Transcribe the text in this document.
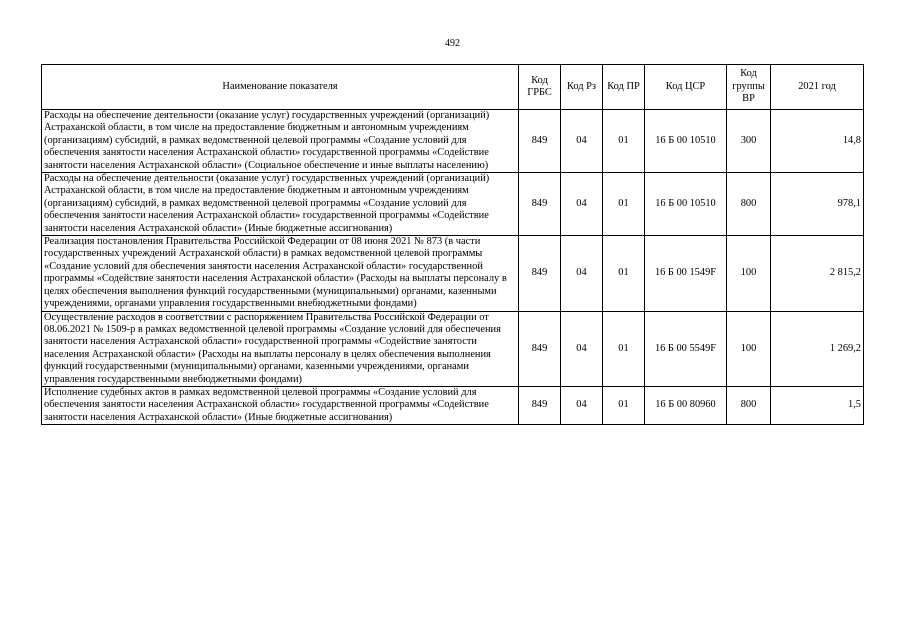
492
Наименование показателя	Код ГРБС	Код Рз	Код ПР	Код ЦСР	Код группы ВР	2021 год
Расходы на обеспечение деятельности (оказание услуг) государственных учреждений (организаций) Астраханской области, в том числе на предоставление бюджетным и автономным учреждениям (организациям) субсидий, в рамках ведомственной целевой программы «Создание условий для обеспечения занятости населения Астраханской области» государственной программы «Содействие занятости населения Астраханской области» (Социальное обеспечение и иные выплаты населению)	849	04	01	16 Б 00 10510	300	14,8
Расходы на обеспечение деятельности (оказание услуг) государственных учреждений (организаций) Астраханской области, в том числе на предоставление бюджетным и автономным учреждениям (организациям) субсидий, в рамках ведомственной целевой программы «Создание условий для обеспечения занятости населения Астраханской области» государственной программы «Содействие занятости населения Астраханской области» (Иные бюджетные ассигнования)	849	04	01	16 Б 00 10510	800	978,1
Реализация постановления Правительства Российской Федерации от 08 июня 2021 № 873 (в части государственных учреждений Астраханской области) в рамках ведомственной целевой программы «Создание условий для обеспечения занятости населения Астраханской области» государственной программы «Содействие занятости населения Астраханской области» (Расходы на выплаты персоналу в целях обеспечения выполнения функций государственными (муниципальными) органами, казенными учреждениями, органами управления государственными внебюджетными фондами)	849	04	01	16 Б 00 1549F	100	2 815,2
Осуществление расходов в соответствии с распоряжением Правительства Российской Федерации от 08.06.2021 № 1509-р в рамках ведомственной целевой программы «Создание условий для обеспечения занятости населения Астраханской области» государственной программы «Содействие занятости населения Астраханской области» (Расходы на выплаты персоналу в целях обеспечения выполнения функций государственными (муниципальными) органами, казенными учреждениями, органами управления государственными внебюджетными фондами)	849	04	01	16 Б 00 5549F	100	1 269,2
Исполнение судебных актов в рамках ведомственной целевой программы «Создание условий для обеспечения занятости населения Астраханской области» государственной программы «Содействие занятости населения Астраханской области» (Иные бюджетные ассигнования)	849	04	01	16 Б 00 80960	800	1,5
